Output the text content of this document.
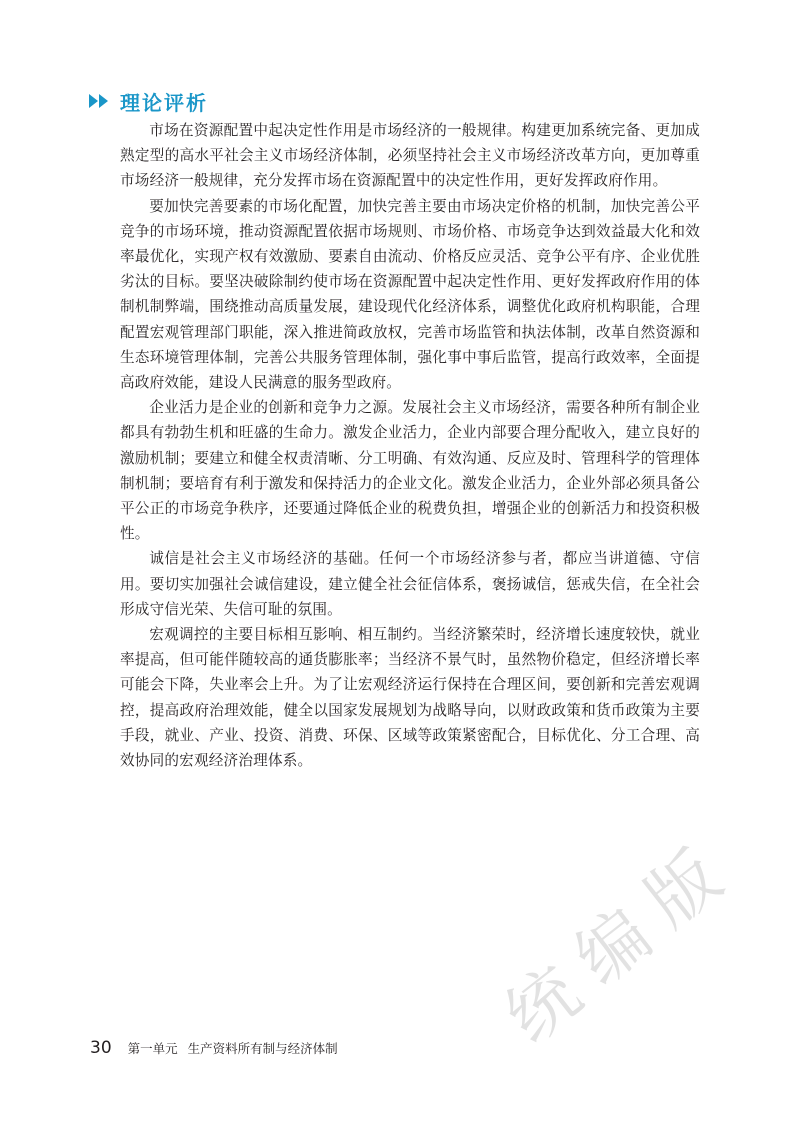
理论评析

市场在资源配置中起决定性作用是市场经济的一般规律。构建更加系统完备、更加成熟定型的高水平社会主义市场经济体制，必须坚持社会主义市场经济改革方向，更加尊重市场经济一般规律，充分发挥市场在资源配置中的决定性作用，更好发挥政府作用。

要加快完善要素的市场化配置，加快完善主要由市场决定价格的机制，加快完善公平竞争的市场环境，推动资源配置依据市场规则、市场价格、市场竞争达到效益最大化和效率最优化，实现产权有效激励、要素自由流动、价格反应灵活、竞争公平有序、企业优胜劣汰的目标。要坚决破除制约使市场在资源配置中起决定性作用、更好发挥政府作用的体制机制弊端，围绕推动高质量发展，建设现代化经济体系，调整优化政府机构职能，合理配置宏观管理部门职能，深入推进简政放权，完善市场监管和执法体制，改革自然资源和生态环境管理体制，完善公共服务管理体制，强化事中事后监管，提高行政效率，全面提高政府效能，建设人民满意的服务型政府。

企业活力是企业的创新和竞争力之源。发展社会主义市场经济，需要各种所有制企业都具有勃勃生机和旺盛的生命力。激发企业活力，企业内部要合理分配收入，建立良好的激励机制；要建立和健全权责清晰、分工明确、有效沟通、反应及时、管理科学的管理体制机制；要培育有利于激发和保持活力的企业文化。激发企业活力，企业外部必须具备公平公正的市场竞争秩序，还要通过降低企业的税费负担，增强企业的创新活力和投资积极性。

诚信是社会主义市场经济的基础。任何一个市场经济参与者，都应当讲道德、守信用。要切实加强社会诚信建设，建立健全社会征信体系，褒扬诚信，惩戒失信，在全社会形成守信光荣、失信可耻的氛围。

宏观调控的主要目标相互影响、相互制约。当经济繁荣时，经济增长速度较快，就业率提高，但可能伴随较高的通货膨胀率；当经济不景气时，虽然物价稳定，但经济增长率可能会下降，失业率会上升。为了让宏观经济运行保持在合理区间，要创新和完善宏观调控，提高政府治理效能，健全以国家发展规划为战略导向，以财政政策和货币政策为主要手段，就业、产业、投资、消费、环保、区域等政策紧密配合，目标优化、分工合理、高效协同的宏观经济治理体系。

统
编
版
30 第一单元 生产资料所有制与经济体制
